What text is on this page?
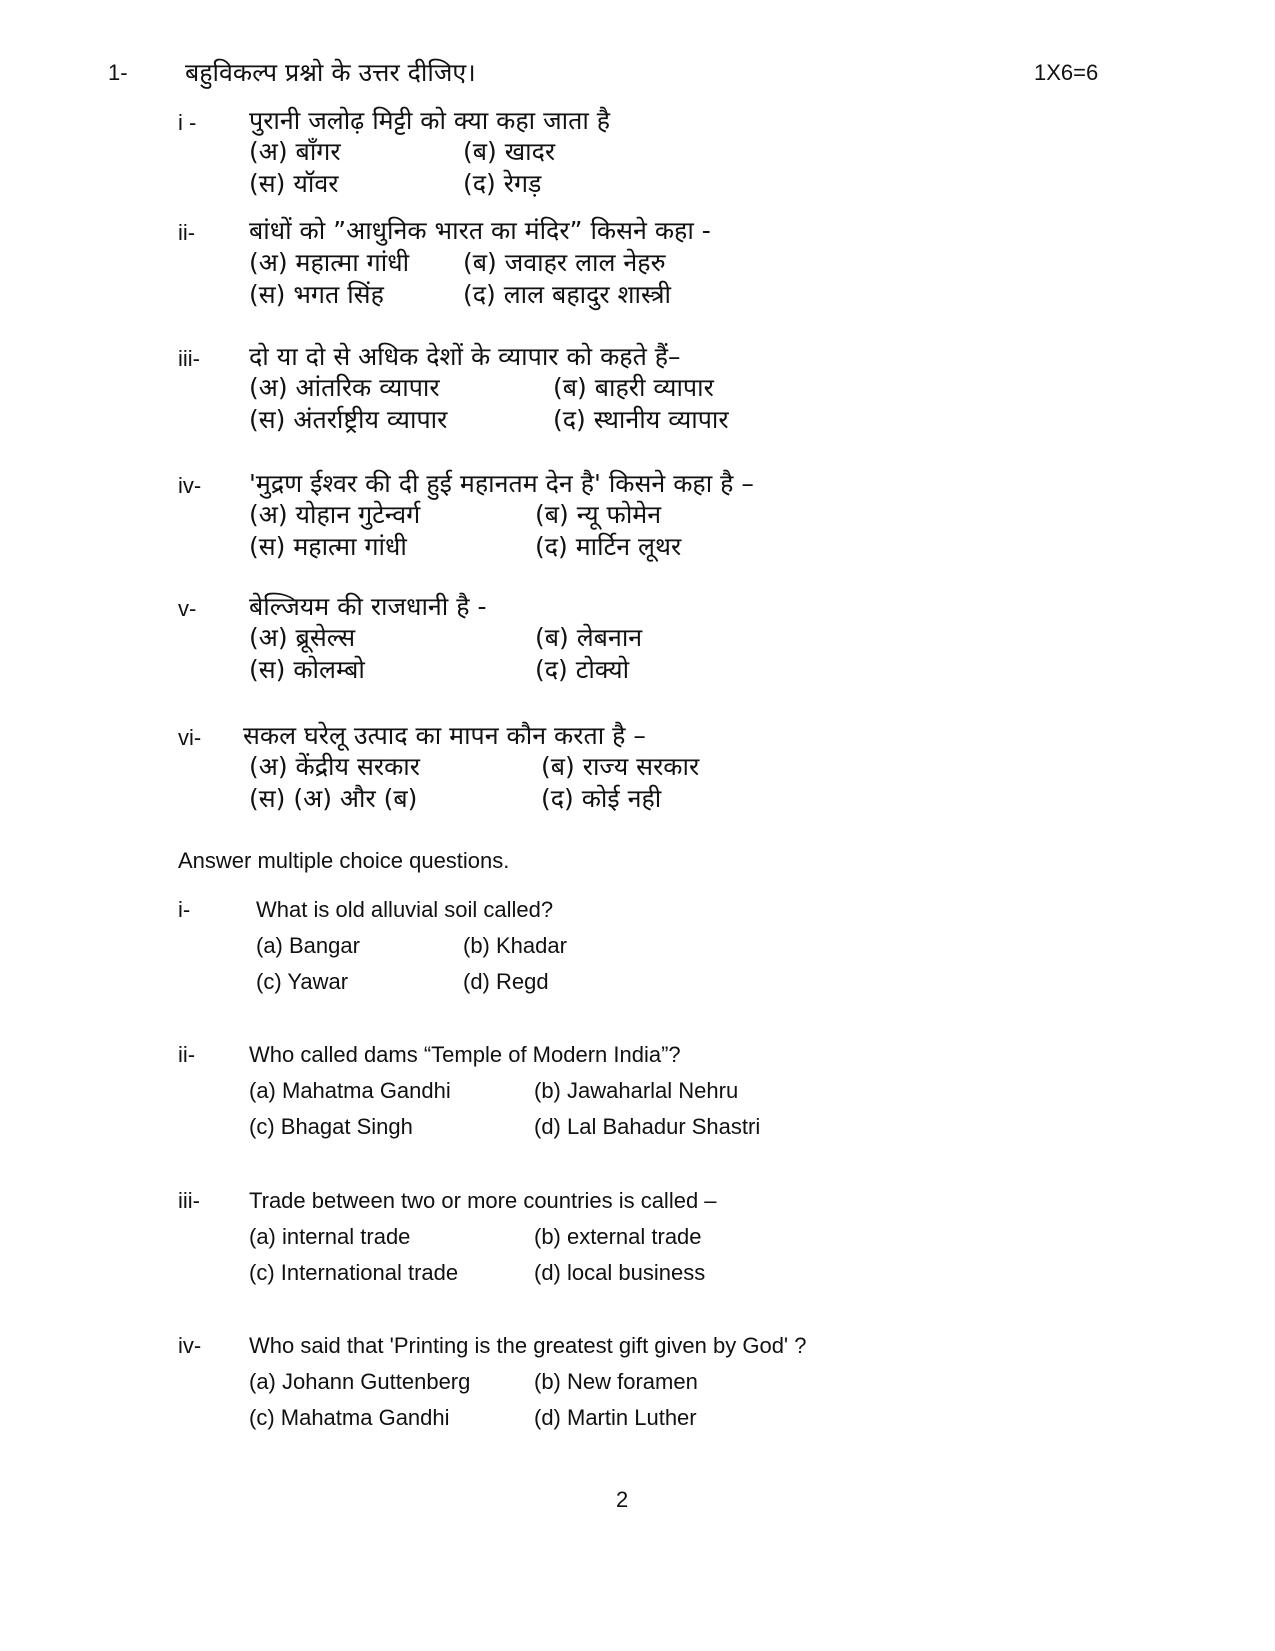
1- बहुविकल्प प्रश्नो के उत्तर दीजिए।	1X6=6
i - पुरानी जलोढ़ मिट्टी को क्या कहा जाता है
(अ) बाँगर	(ब) खादर
(स) यॉवर	(द) रेगड़
ii- बांधों को ”आधुनिक भारत का मंदिर” किसने कहा -
(अ) महात्मा गांधी (ब) जवाहर लाल नेहरु
(स) भगत सिंह	(द) लाल बहादुर शास्त्री
iii- दो या दो से अधिक देशों के व्यापार को कहते हैं–
(अ) आंतरिक व्यापार	(ब) बाहरी व्यापार
(स) अंतर्राष्ट्रीय व्यापार	(द) स्थानीय व्यापार
iv- 'मुद्रण ईश्वर की दी हुई महानतम देन है' किसने कहा है –
(अ) योहान गुटेन्वर्ग	(ब) न्यू फोमेन
(स) महात्मा गांधी	(द) मार्टिन लूथर
v- बेल्जियम की राजधानी है -
(अ) ब्रूसेल्स	(ब) लेबनान
(स) कोलम्बो	(द) टोक्यो
vi- सकल घरेलू उत्पाद का मापन कौन करता है –
(अ) केंद्रीय सरकार	(ब) राज्य सरकार
(स) (अ) और (ब)	(द) कोई नही
Answer multiple choice questions.
i-	What is old alluvial soil called?
(a) Bangar	(b) Khadar
(c) Yawar	(d) Regd
ii- Who called dams “Temple of Modern India”?
(a) Mahatma Gandhi	(b) Jawaharlal Nehru
(c) Bhagat Singh	(d) Lal Bahadur Shastri
iii- Trade between two or more countries is called –
(a) internal trade	(b) external trade
(c) International trade	(d) local business
iv- Who said that 'Printing is the greatest gift given by God' ?
(a) Johann Guttenberg	(b) New foramen
(c) Mahatma Gandhi	(d) Martin Luther
2
